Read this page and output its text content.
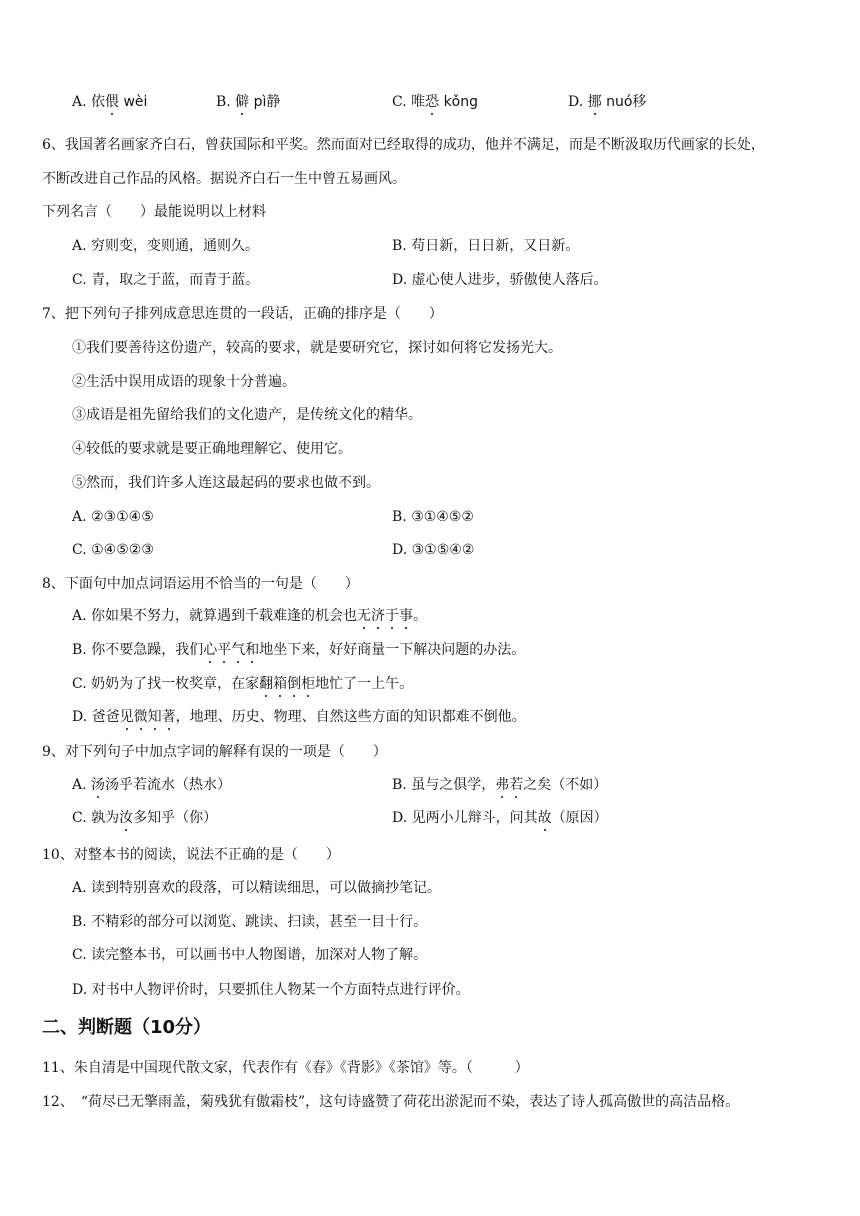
A. 依偎 wèi	B. 僻 pì静	C. 唯恐 kǒng	D. 挪 nuó移
6、我国著名画家齐白石，曾获国际和平奖。然而面对已经取得的成功，他并不满足，而是不断汲取历代画家的长处，
不断改进自己作品的风格。据说齐白石一生中曾五易画风。
下列名言（　　）最能说明以上材料
A. 穷则变，变则通，通则久。	B. 苟日新，日日新，又日新。
C. 青，取之于蓝，而青于蓝。	D. 虚心使人进步，骄傲使人落后。
7、把下列句子排列成意思连贯的一段话，正确的排序是（　　）
①我们要善待这份遗产，较高的要求，就是要研究它，探讨如何将它发扬光大。
②生活中误用成语的现象十分普遍。
③成语是祖先留给我们的文化遗产，是传统文化的精华。
④较低的要求就是要正确地理解它、使用它。
⑤然而，我们许多人连这最起码的要求也做不到。
A. ②③①④⑤	B. ③①④⑤②
C. ①④⑤②③	D. ③①⑤④②
8、下面句中加点词语运用不恰当的一句是（　　）
A. 你如果不努力，就算遇到千载难逢的机会也无济于事。
B. 你不要急躁，我们心平气和地坐下来，好好商量一下解决问题的办法。
C. 奶奶为了找一枚奖章，在家翻箱倒柜地忙了一上午。
D. 爸爸见微知著，地理、历史、物理、自然这些方面的知识都难不倒他。
9、对下列句子中加点字词的解释有误的一项是（　　）
A. 汤汤乎若流水（热水）	B. 虽与之俱学，弗若之矣（不如）
C. 孰为汝多知乎（你）	D. 见两小儿辩斗，问其故（原因）
10、对整本书的阅读，说法不正确的是（　　）
A. 读到特别喜欢的段落，可以精读细思，可以做摘抄笔记。
B. 不精彩的部分可以浏览、跳读、扫读，甚至一目十行。
C. 读完整本书，可以画书中人物图谱，加深对人物了解。
D. 对书中人物评价时，只要抓住人物某一个方面特点进行评价。
二、判断题（10分）
11、朱自清是中国现代散文家，代表作有《春》《背影》《茶馆》等。（　　　）
12、　“荷尽已无擎雨盖，菊残犹有傲霜枝”，这句诗盛赞了荷花出淤泥而不染，表达了诗人孤高傲世的高洁品格。
